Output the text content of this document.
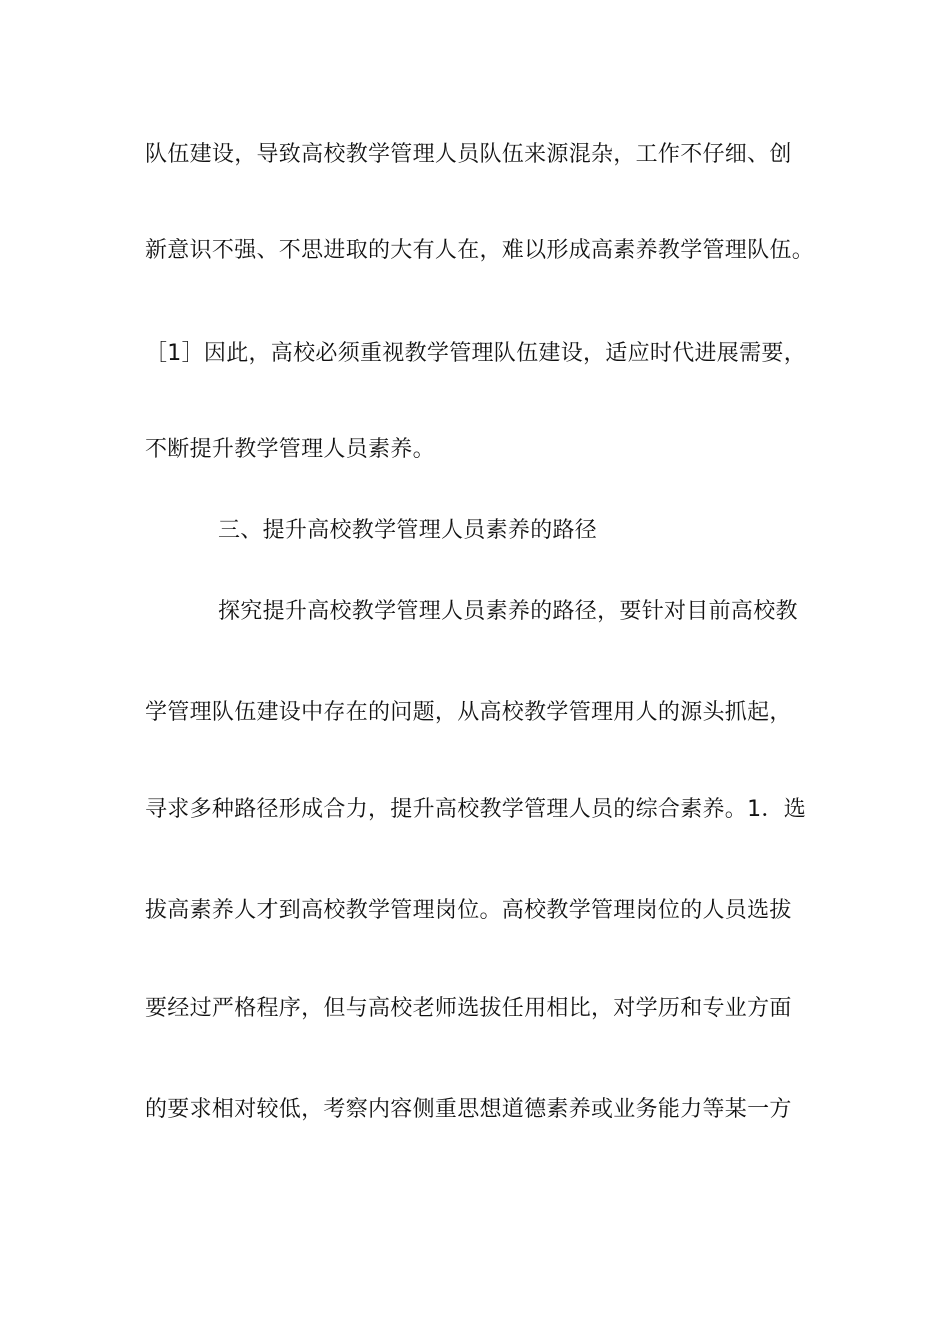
队伍建设，导致高校教学管理人员队伍来源混杂，工作不仔细、创
新意识不强、不思进取的大有人在，难以形成高素养教学管理队伍。
［1］因此，高校必须重视教学管理队伍建设，适应时代进展需要，
不断提升教学管理人员素养。
三、提升高校教学管理人员素养的路径
探究提升高校教学管理人员素养的路径，要针对目前高校教
学管理队伍建设中存在的问题，从高校教学管理用人的源头抓起，
寻求多种路径形成合力，提升高校教学管理人员的综合素养。1．选
拔高素养人才到高校教学管理岗位。高校教学管理岗位的人员选拔
要经过严格程序，但与高校老师选拔任用相比，对学历和专业方面
的要求相对较低，考察内容侧重思想道德素养或业务能力等某一方
